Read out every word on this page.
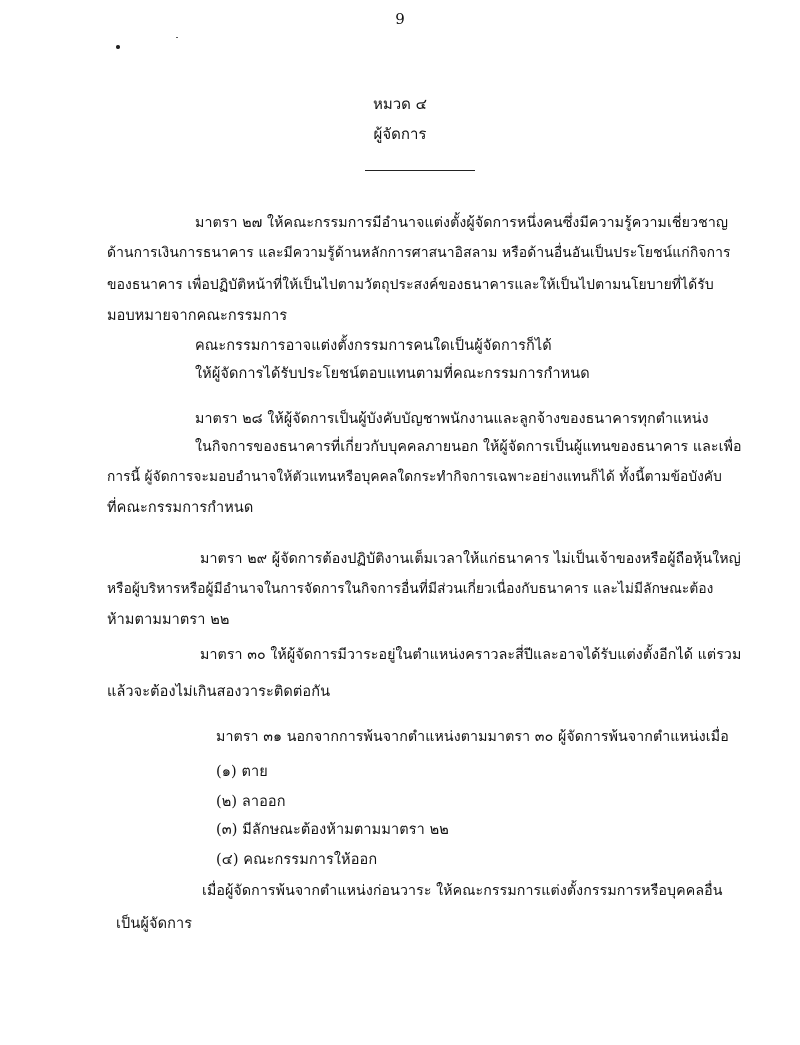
9
หมวด ๔
ผู้จัดการ
มาตรา ๒๗ ให้คณะกรรมการมีอำนาจแต่งตั้งผู้จัดการหนึ่งคนซึ่งมีความรู้ความเชี่ยวชาญ
ด้านการเงินการธนาคาร และมีความรู้ด้านหลักการศาสนาอิสลาม หรือด้านอื่นอันเป็นประโยชน์แก่กิจการ
ของธนาคาร เพื่อปฏิบัติหน้าที่ให้เป็นไปตามวัตถุประสงค์ของธนาคารและให้เป็นไปตามนโยบายที่ได้รับ
มอบหมายจากคณะกรรมการ
คณะกรรมการอาจแต่งตั้งกรรมการคนใดเป็นผู้จัดการก็ได้
ให้ผู้จัดการได้รับประโยชน์ตอบแทนตามที่คณะกรรมการกำหนด
มาตรา ๒๘ ให้ผู้จัดการเป็นผู้บังคับบัญชาพนักงานและลูกจ้างของธนาคารทุกตำแหน่ง
ในกิจการของธนาคารที่เกี่ยวกับบุคคลภายนอก ให้ผู้จัดการเป็นผู้แทนของธนาคาร และเพื่อ
การนี้ ผู้จัดการจะมอบอำนาจให้ตัวแทนหรือบุคคลใดกระทำกิจการเฉพาะอย่างแทนก็ได้ ทั้งนี้ตามข้อบังคับ
ที่คณะกรรมการกำหนด
มาตรา ๒๙ ผู้จัดการต้องปฏิบัติงานเต็มเวลาให้แก่ธนาคาร ไม่เป็นเจ้าของหรือผู้ถือหุ้นใหญ่
หรือผู้บริหารหรือผู้มีอำนาจในการจัดการในกิจการอื่นที่มีส่วนเกี่ยวเนื่องกับธนาคาร และไม่มีลักษณะต้อง
ห้ามตามมาตรา ๒๒
มาตรา ๓๐ ให้ผู้จัดการมีวาระอยู่ในตำแหน่งคราวละสี่ปีและอาจได้รับแต่งตั้งอีกได้ แต่รวม
แล้วจะต้องไม่เกินสองวาระติดต่อกัน
มาตรา ๓๑ นอกจากการพ้นจากตำแหน่งตามมาตรา ๓๐ ผู้จัดการพ้นจากตำแหน่งเมื่อ
(๑) ตาย
(๒) ลาออก
(๓) มีลักษณะต้องห้ามตามมาตรา ๒๒
(๔) คณะกรรมการให้ออก
เมื่อผู้จัดการพ้นจากตำแหน่งก่อนวาระ ให้คณะกรรมการแต่งตั้งกรรมการหรือบุคคลอื่น
เป็นผู้จัดการ
